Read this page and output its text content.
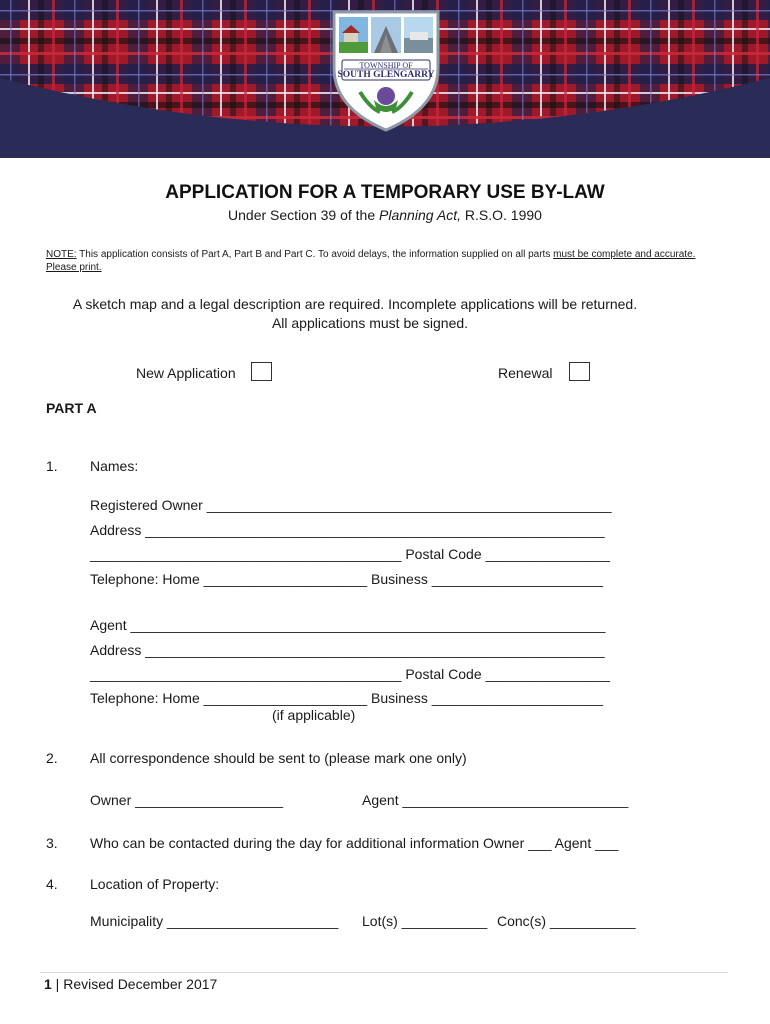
TOWNSHIP OF
SOUTH GLENGARRY
APPLICATION FOR A TEMPORARY USE BY-LAW
Under Section 39 of the Planning Act, R.S.O. 1990
NOTE: This application consists of Part A, Part B and Part C. To avoid delays, the information supplied on all parts must be complete and accurate. Please print.
A sketch map and a legal description are required. Incomplete applications will be returned.
All applications must be signed.
New Application	Renewal
PART A
1. Names:
Registered Owner ____________________________________________________
Address ___________________________________________________________
________________________________________ Postal Code ________________
Telephone: Home _____________________ Business ______________________
Agent _____________________________________________________________
Address ___________________________________________________________
________________________________________ Postal Code ________________
Telephone: Home _____________________ Business ______________________
(if applicable)
2. All correspondence should be sent to (please mark one only)
Owner ___________________	Agent _____________________________
3. Who can be contacted during the day for additional information Owner ___ Agent ___
4. Location of Property:
Municipality ______________________ Lot(s) ___________ Conc(s) ___________
1 | Revised December 2017
